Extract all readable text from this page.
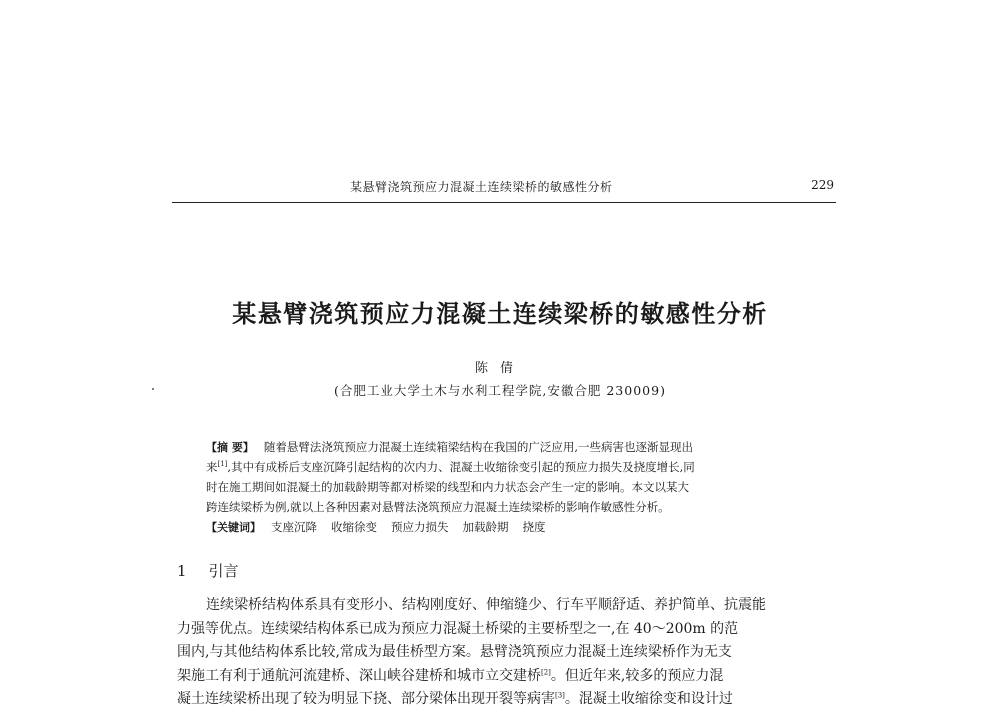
某悬臂浇筑预应力混凝土连续梁桥的敏感性分析	229
某悬臂浇筑预应力混凝土连续梁桥的敏感性分析
陈倩
(合肥工业大学土木与水利工程学院,安徽合肥 230009)
【摘 要】 随着悬臂法浇筑预应力混凝土连续箱梁结构在我国的广泛应用,一些病害也逐渐显现出
来[1],其中有成桥后支座沉降引起结构的次内力、混凝土收缩徐变引起的预应力损失及挠度增长,同
时在施工期间如混凝土的加载龄期等都对桥梁的线型和内力状态会产生一定的影响。本文以某大
跨连续梁桥为例,就以上各种因素对悬臂法浇筑预应力混凝土连续梁桥的影响作敏感性分析。
【关键词】 支座沉降 收缩徐变 预应力损失 加载龄期 挠度
1 引言
连续梁桥结构体系具有变形小、结构刚度好、伸缩缝少、行车平顺舒适、养护简单、抗震能
力强等优点。连续梁结构体系已成为预应力混凝土桥梁的主要桥型之一,在 40～200m 的范
围内,与其他结构体系比较,常成为最佳桥型方案。悬臂浇筑预应力混凝土连续梁桥作为无支
架施工有利于通航河流建桥、深山峡谷建桥和城市立交建桥[2]。但近年来,较多的预应力混
凝土连续梁桥出现了较为明显下挠、部分梁体出现开裂等病害[3]。混凝土收缩徐变和设计过
